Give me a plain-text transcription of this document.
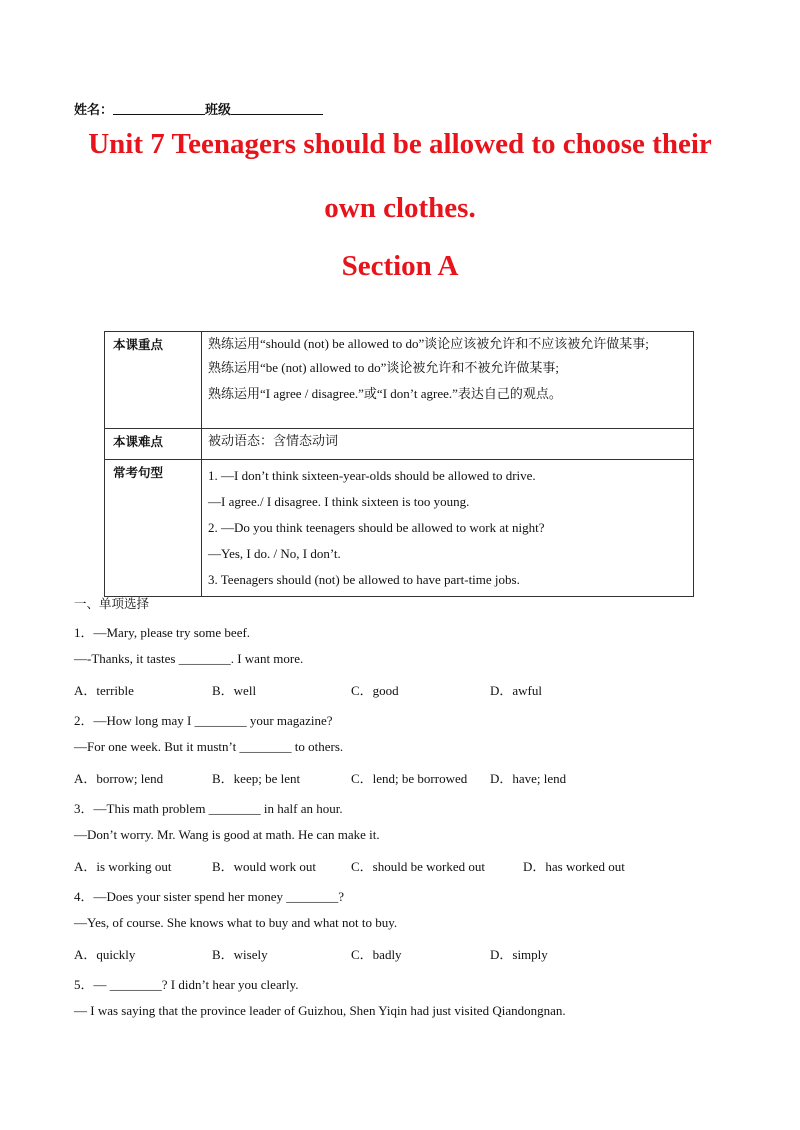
姓名：	班级
Unit 7 Teenagers should be allowed to choose their
own clothes.
Section A
本课重点	熟练运用“should (not) be allowed to do”谈论应该被允许和不应该被允许做某事;

熟练运用“be (not) allowed to do”谈论被允许和不被允许做某事;

熟练运用“I agree / disagree.”或“I don’t agree.”表达自己的观点。

本课难点	被动语态：含情态动词

常考句型	1. —I don’t think sixteen-year-olds should be allowed to drive.

—I agree./ I disagree. I think sixteen is too young.

2. —Do you think teenagers should be allowed to work at night?

—Yes, I do. / No, I don’t.

3. Teenagers should (not) be allowed to have part-time jobs.

一、单项选择
1．—Mary, please try some beef.
—-Thanks, it tastes ________. I want more.
A．terrible	B．well	C．good	D．awful
2．—How long may I ________ your magazine?
—For one week. But it mustn’t ________ to others.
A．borrow; lend	B．keep; be lent	C．lend; be borrowed D．have; lend
3．—This math problem ________ in half an hour.
—Don’t worry. Mr. Wang is good at math. He can make it.
A．is working out	B．would work out	C．should be worked out	D．has worked out
4．—Does your sister spend her money ________?
—Yes, of course. She knows what to buy and what not to buy.
A．quickly	B．wisely	C．badly	D．simply
5．— ________? I didn’t hear you clearly.
— I was saying that the province leader of Guizhou, Shen Yiqin had just visited Qiandongnan.
